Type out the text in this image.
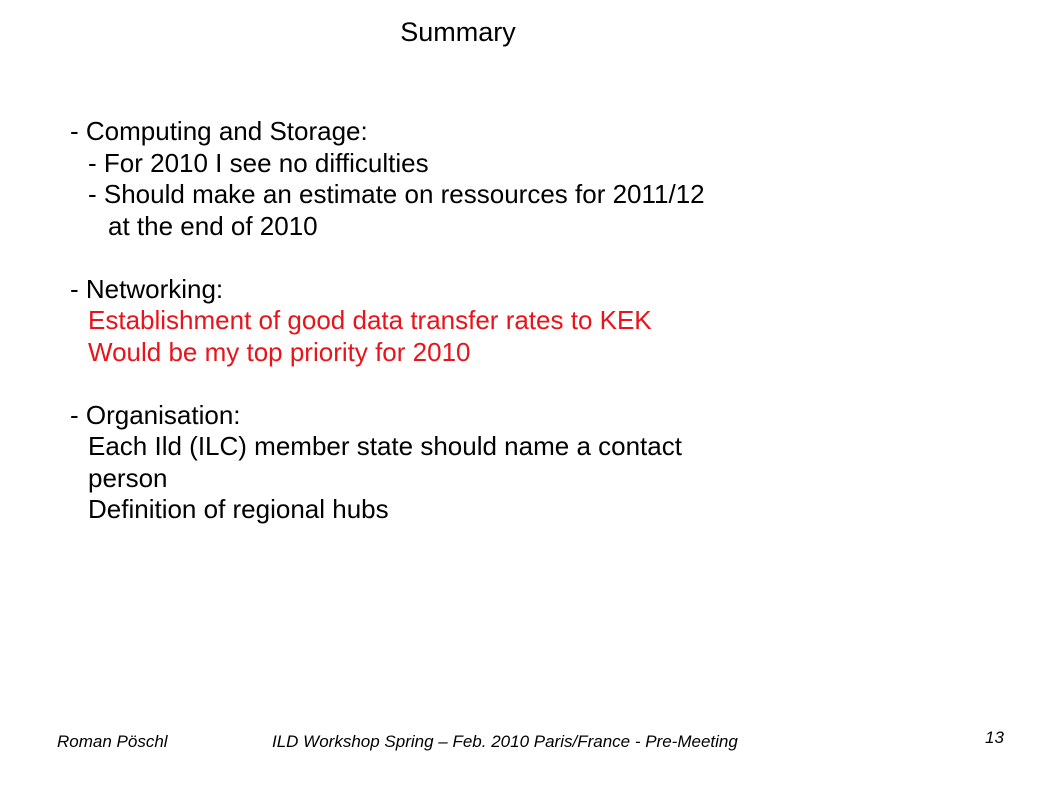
Summary
- Computing and Storage:
- For 2010 I see no difficulties
- Should make an estimate on ressources for 2011/12
at the end of 2010
- Networking:
Establishment of good data transfer rates to KEK
Would be my top priority for 2010
- Organisation:
Each Ild (ILC) member state should name a contact
person
Definition of regional hubs
Roman Pöschl	ILD Workshop Spring – Feb. 2010 Paris/France - Pre-Meeting	13
